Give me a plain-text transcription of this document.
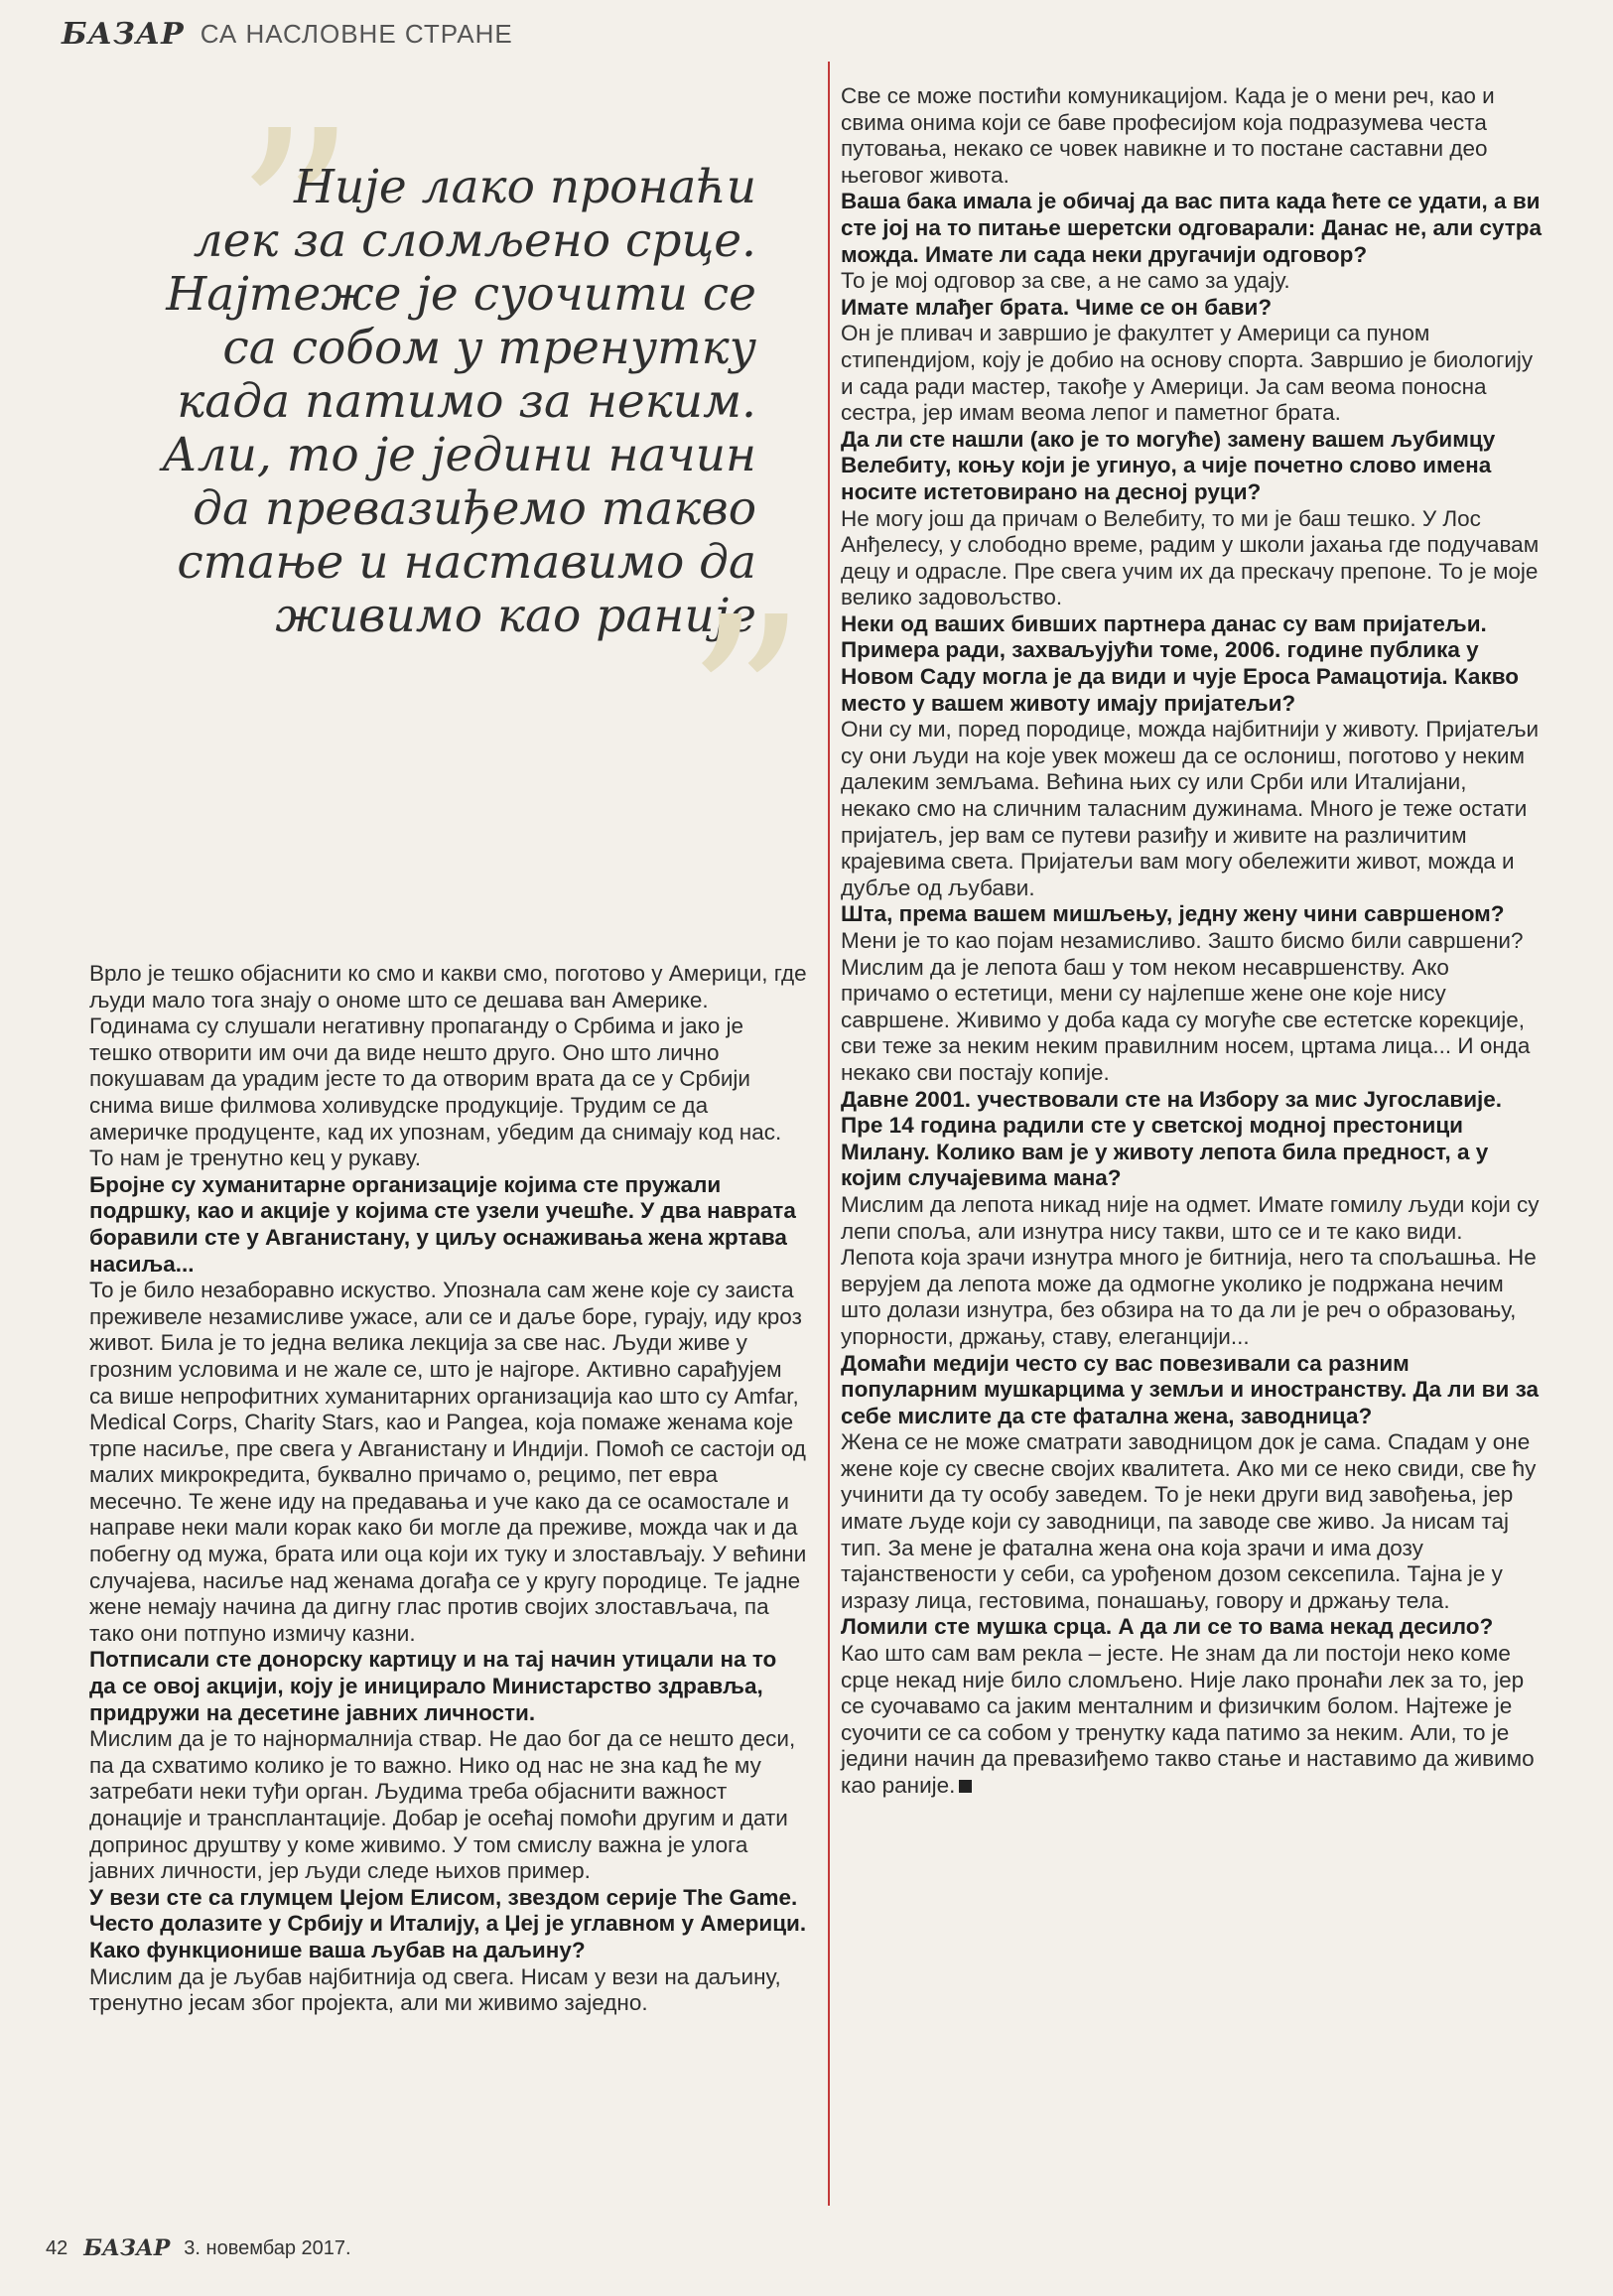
БАЗАР СА НАСЛОВНЕ СТРАНЕ
”
Није лако пронаћи
лек за сломљено срце.
Најтеже је суочити се
са собом у тренутку
када патимо за неким.
Али, то је једини начин
да превазиђемо такво
стање и наставимо да
живимо као раније
”

Врло је тешко објаснити ко смо и какви смо, поготово у Америци, где људи мало тога знају о ономе што се дешава ван Америке. Годинама су слушали негативну пропаганду о Србима и јако је тешко отворити им очи да виде нешто друго. Оно што лично покушавам да урадим јесте то да отворим врата да се у Србији снима више филмова холивудске продукције. Трудим се да америчке продуценте, кад их упознам, убедим да снимају код нас. То нам је тренутно кец у рукаву.

Бројне су хуманитарне организације којима сте пружали подршку, као и акције у којима сте узели учешће. У два наврата боравили сте у Авганистану, у циљу оснаживања жена жртава насиља...

То је било незаборавно искуство. Упознала сам жене које су заиста преживеле незамисливе ужасе, али се и даље боре, гурају, иду кроз живот. Била је то једна велика лекција за све нас. Људи живе у грозним условима и не жале се, што је најгоре. Активно сарађујем са више непрофитних хуманитарних организација као што су Amfar, Medical Corps, Charity Stars, као и Pangea, која помаже женама које трпе насиље, пре свега у Авганистану и Индији. Помоћ се састоји од малих микрокредита, буквално причамо о, рецимо, пет евра месечно. Те жене иду на предавања и уче како да се осамостале и направе неки мали корак како би могле да преживе, можда чак и да побегну од мужа, брата или оца који их туку и злостављају. У већини случајева, насиље над женама догађа се у кругу породице. Те јадне жене немају начина да дигну глас против својих злостављача, па тако они потпуно измичу казни.

Потписали сте донорску картицу и на тај начин утицали на то да се овој акцији, коју је иницирало Министарство здравља, придружи на десетине јавних личности.

Мислим да је то најнормалнија ствар. Не дао бог да се нешто деси, па да схватимо колико је то важно. Нико од нас не зна кад ће му затребати неки туђи орган. Људима треба објаснити важност донације и трансплантације. Добар је осећај помоћи другим и дати допринос друштву у коме живимо. У том смислу важна је улога јавних личности, јер људи следе њихов пример.

У вези сте са глумцем Џејом Елисом, звездом серије The Game. Често долазите у Србију и Италију, а Џеј је углавном у Америци. Како функционише ваша љубав на даљину?

Мислим да је љубав најбитнија од свега. Нисам у вези на даљину, тренутно јесам због пројекта, али ми живимо заједно.

Све се може постићи комуникацијом. Када је о мени реч, као и свима онима који се баве професијом која подразумева честа путовања, некако се човек навикне и то постане саставни део његовог живота.

Ваша бака имала је обичај да вас пита када ћете се удати, а ви сте јој на то питање шеретски одговарали: Данас не, али сутра можда. Имате ли сада неки другачији одговор?

То је мој одговор за све, а не само за удају.

Имате млађег брата. Чиме се он бави?

Он је пливач и завршио је факултет у Америци са пуном стипендијом, коју је добио на основу спорта. Завршио је биологију и сада ради мастер, такође у Америци. Ја сам веома поносна сестра, јер имам веома лепог и паметног брата.

Да ли сте нашли (ако је то могуће) замену вашем љубимцу Велебиту, коњу који је угинуо, а чије почетно слово имена носите истетовирано на десној руци?

Не могу још да причам о Велебиту, то ми је баш тешко. У Лос Анђелесу, у слободно време, радим у школи јахања где подучавам децу и одрасле. Пре свега учим их да прескачу препоне. То је моје велико задовољство.

Неки од ваших бивших партнера данас су вам пријатељи. Примера ради, захваљујући томе, 2006. године публика у Новом Саду могла је да види и чује Ероса Рамацотија. Какво место у вашем животу имају пријатељи?

Они су ми, поред породице, можда најбитнији у животу. Пријатељи су они људи на које увек можеш да се ослониш, поготово у неким далеким земљама. Већина њих су или Срби или Италијани, некако смо на сличним таласним дужинама. Много је теже остати пријатељ, јер вам се путеви разиђу и живите на различитим крајевима света. Пријатељи вам могу обележити живот, можда и дубље од љубави.

Шта, према вашем мишљењу, једну жену чини савршеном?

Мени је то као појам незамисливо. Зашто бисмо били савршени? Мислим да је лепота баш у том неком несавршенству. Ако причамо о естетици, мени су најлепше жене оне које нису савршене. Живимо у доба када су могуће све естетске корекције, сви теже за неким неким правилним носем, цртама лица... И онда некако сви постају копије.

Давне 2001. учествовали сте на Избору за мис Југославије. Пре 14 година радили сте у светској модној престоници Милану. Колико вам је у животу лепота била предност, а у којим случајевима мана?

Мислим да лепота никад није на одмет. Имате гомилу људи који су лепи споља, али изнутра нису такви, што се и те како види. Лепота која зрачи изнутра много је битнија, него та спољашња. Не верујем да лепота може да одмогне уколико је подржана нечим што долази изнутра, без обзира на то да ли је реч о образовању, упорности, држању, ставу, елеганцији...

Домаћи медији често су вас повезивали са разним популарним мушкарцима у земљи и иностранству. Да ли ви за себе мислите да сте фатална жена, заводница?

Жена се не може сматрати заводницом док је сама. Спадам у оне жене које су свесне својих квалитета. Ако ми се неко свиди, све ћу учинити да ту особу заведем. То је неки други вид завођења, јер имате људе који су заводници, па заводе све живо. Ја нисам тај тип. За мене је фатална жена она која зрачи и има дозу тајанствености у себи, са урођеном дозом сексепила. Тајна је у изразу лица, гестовима, понашању, говору и држању тела.

Ломили сте мушка срца. А да ли се то вама некад десило?

Као што сам вам рекла – јесте. Не знам да ли постоји неко коме срце некад није било сломљено. Није лако пронаћи лек за то, јер се суочавамо са јаким менталним и физичким болом. Најтеже је суочити се са собом у тренутку када патимо за неким. Али, то је једини начин да превазиђемо такво стање и наставимо да живимо као раније.

42 БАЗАР 3. новембар 2017.
